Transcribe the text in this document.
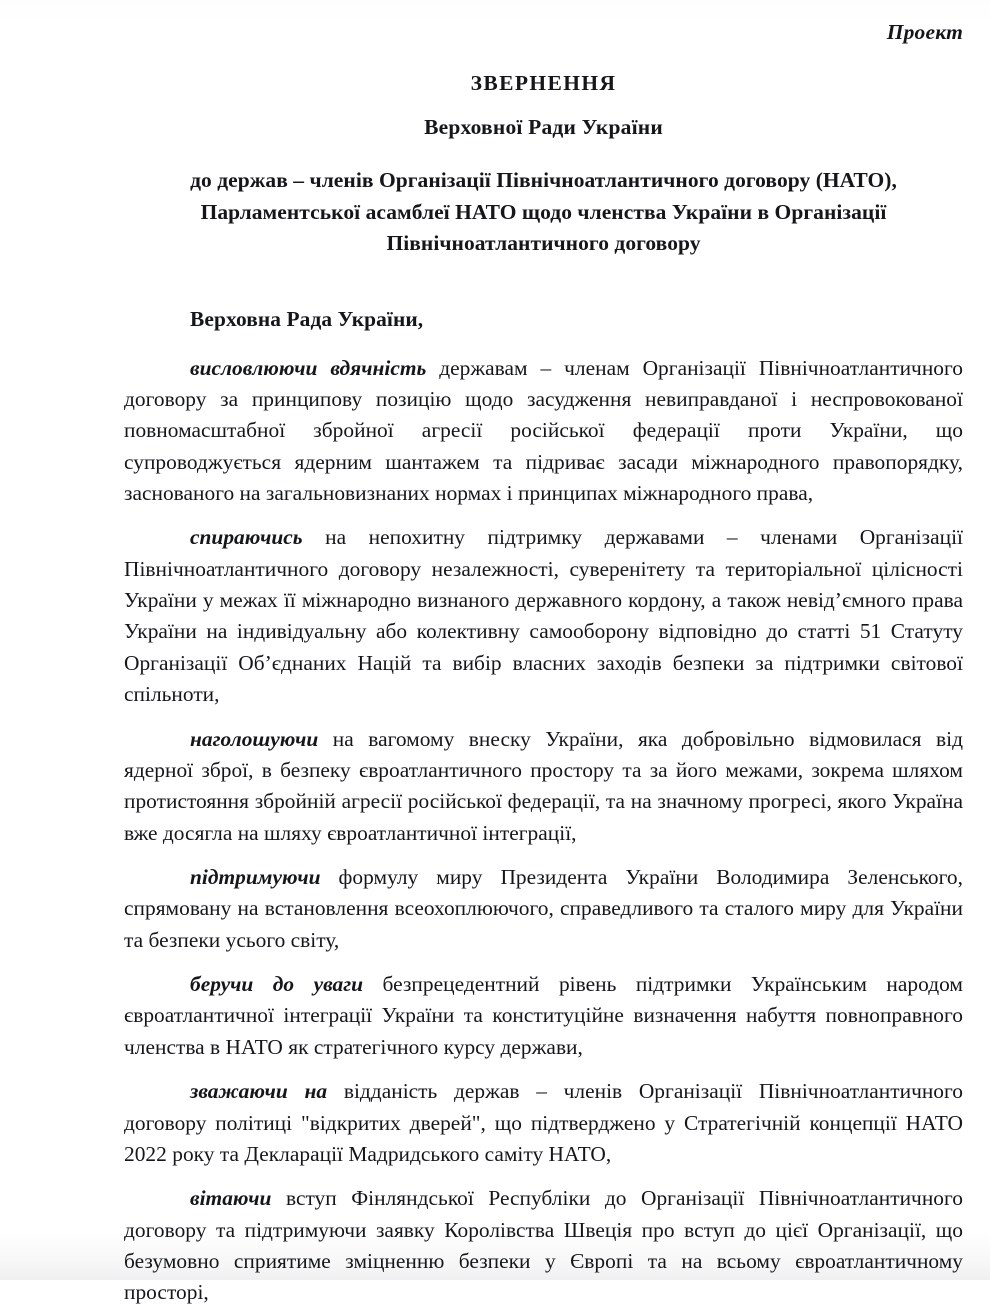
Проект
ЗВЕРНЕННЯ
Верховної Ради України
до держав – членів Організації Північноатлантичного договору (НАТО),
Парламентської асамблеї НАТО щодо членства України в Організації
Північноатлантичного договору
Верховна Рада України,

висловлюючи вдячність державам – членам Організації Північноатлантичного договору за принципову позицію щодо засудження невиправданої і неспровокованої повномасштабної збройної агресії російської федерації проти України, що супроводжується ядерним шантажем та підриває засади міжнародного правопорядку, заснованого на загальновизнаних нормах і принципах міжнародного права,

спираючись на непохитну підтримку державами – членами Організації Північноатлантичного договору незалежності, суверенітету та територіальної цілісності України у межах її міжнародно визнаного державного кордону, а також невід’ємного права України на індивідуальну або колективну самооборону відповідно до статті 51 Статуту Організації Об’єднаних Націй та вибір власних заходів безпеки за підтримки світової спільноти,

наголошуючи на вагомому внеску України, яка добровільно відмовилася від ядерної зброї, в безпеку євроатлантичного простору та за його межами, зокрема шляхом протистояння збройній агресії російської федерації, та на значному прогресі, якого Україна вже досягла на шляху євроатлантичної інтеграції,

підтримуючи формулу миру Президента України Володимира Зеленського, спрямовану на встановлення всеохоплюючого, справедливого та сталого миру для України та безпеки усього світу,

беручи до уваги безпрецедентний рівень підтримки Українським народом євроатлантичної інтеграції України та конституційне визначення набуття повноправного членства в НАТО як стратегічного курсу держави,

зважаючи на відданість держав – членів Організації Північноатлантичного договору політиці "відкритих дверей", що підтверджено у Стратегічній концепції НАТО 2022 року та Декларації Мадридського саміту НАТО,

вітаючи вступ Фінляндської Республіки до Організації Північноатлантичного договору та підтримуючи заявку Королівства Швеція про вступ до цієї Організації, що безумовно сприятиме зміцненню безпеки у Європі та на всьому євроатлантичному просторі,
